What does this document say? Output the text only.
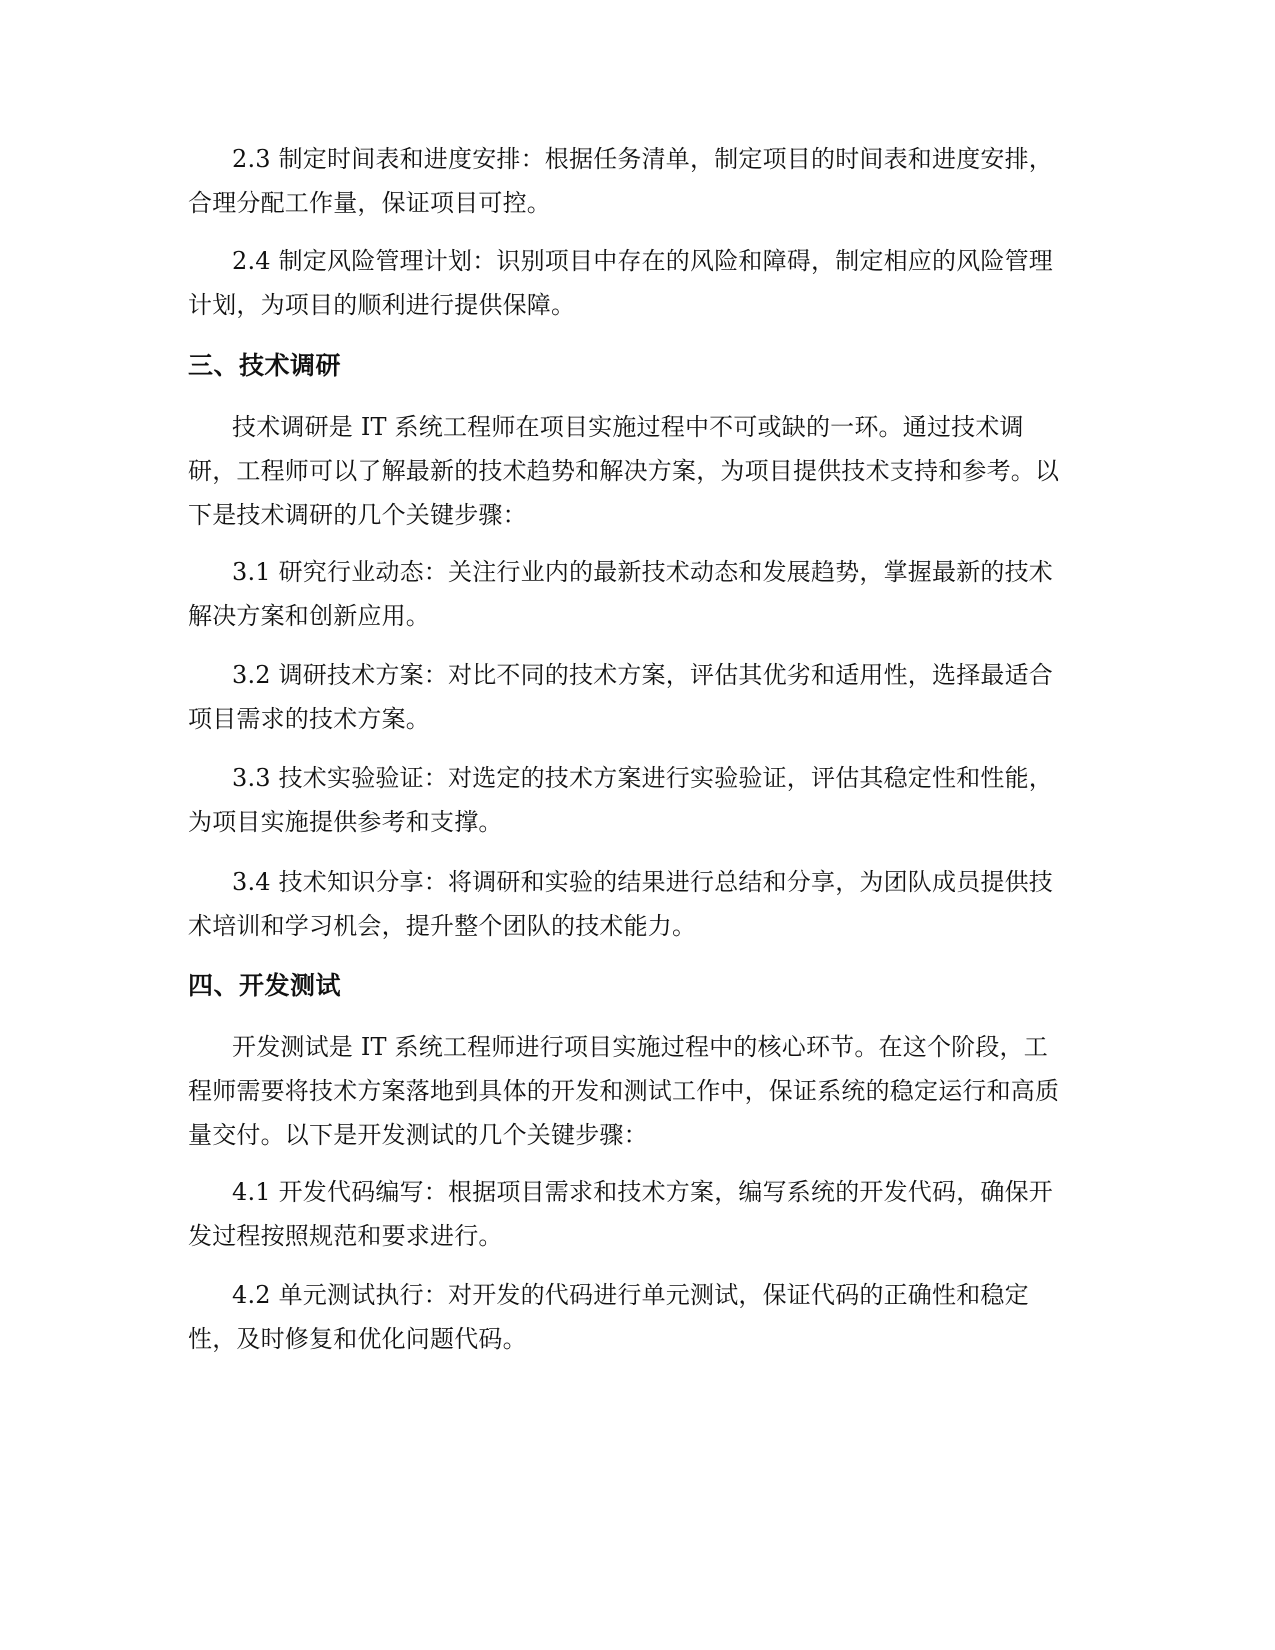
2.3 制定时间表和进度安排：根据任务清单，制定项目的时间表和进度安排，
合理分配工作量，保证项目可控。

2.4 制定风险管理计划：识别项目中存在的风险和障碍，制定相应的风险管理
计划，为项目的顺利进行提供保障。

三、技术调研

技术调研是 IT 系统工程师在项目实施过程中不可或缺的一环。通过技术调
研，工程师可以了解最新的技术趋势和解决方案，为项目提供技术支持和参考。以
下是技术调研的几个关键步骤：

3.1 研究行业动态：关注行业内的最新技术动态和发展趋势，掌握最新的技术
解决方案和创新应用。

3.2 调研技术方案：对比不同的技术方案，评估其优劣和适用性，选择最适合
项目需求的技术方案。

3.3 技术实验验证：对选定的技术方案进行实验验证，评估其稳定性和性能，
为项目实施提供参考和支撑。

3.4 技术知识分享：将调研和实验的结果进行总结和分享，为团队成员提供技
术培训和学习机会，提升整个团队的技术能力。

四、开发测试

开发测试是 IT 系统工程师进行项目实施过程中的核心环节。在这个阶段，工
程师需要将技术方案落地到具体的开发和测试工作中，保证系统的稳定运行和高质
量交付。以下是开发测试的几个关键步骤：

4.1 开发代码编写：根据项目需求和技术方案，编写系统的开发代码，确保开
发过程按照规范和要求进行。

4.2 单元测试执行：对开发的代码进行单元测试，保证代码的正确性和稳定
性，及时修复和优化问题代码。
